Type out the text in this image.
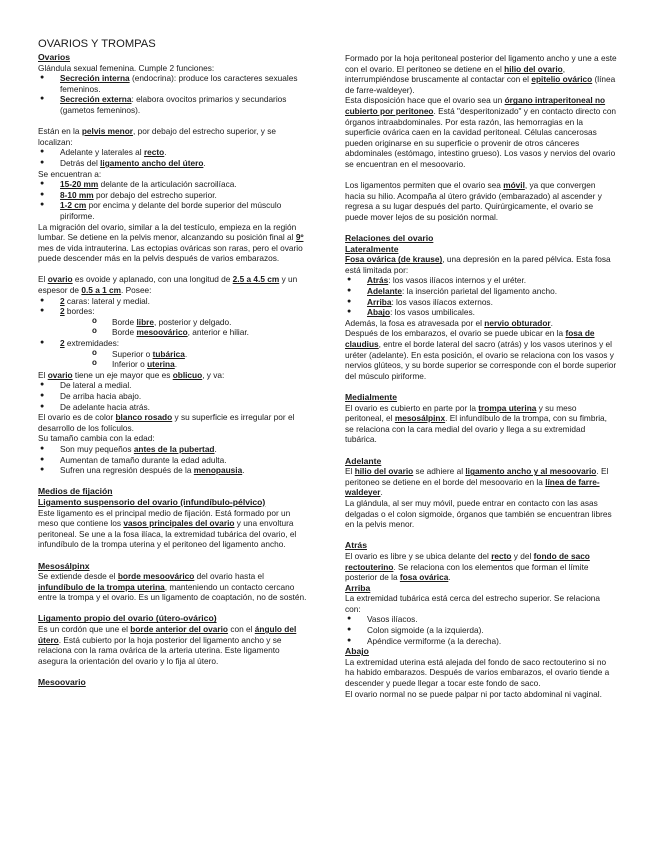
OVARIOS Y TROMPAS
Ovarios

Glándula sexual femenina. Cumple 2 funciones:

● Secreción interna (endocrina): produce los caracteres sexuales femeninos.
● Secreción externa: elabora ovocitos primarios y secundarios (gametos femeninos).

Están en la pelvis menor, por debajo del estrecho superior, y se localizan:

● Adelante y laterales al recto.
● Detrás del ligamento ancho del útero.

Se encuentran a:

● 15-20 mm delante de la articulación sacroilíaca.
● 8-10 mm por debajo del estrecho superior.
● 1-2 cm por encima y delante del borde superior del músculo piriforme.

La migración del ovario, similar a la del testículo, empieza en la región lumbar. Se detiene en la pelvis menor, alcanzando su posición final al 9º mes de vida intrauterina. Las ectopias ováricas son raras, pero el ovario puede descender más en la pelvis después de varios embarazos.

El ovario es ovoide y aplanado, con una longitud de 2.5 a 4.5 cm y un espesor de 0.5 a 1 cm. Posee:

● 2 caras: lateral y medial.
● 2 bordes:
o Borde libre, posterior y delgado.
o Borde mesoovárico, anterior e hiliar.
● 2 extremidades:
o Superior o tubárica.
o Inferior o uterina.

El ovario tiene un eje mayor que es oblicuo, y va:

● De lateral a medial.
● De arriba hacia abajo.
● De adelante hacia atrás.

El ovario es de color blanco rosado y su superficie es irregular por el desarrollo de los folículos.

Su tamaño cambia con la edad:

● Son muy pequeños antes de la pubertad.
● Aumentan de tamaño durante la edad adulta.
● Sufren una regresión después de la menopausia.
Medios de fijación
Ligamento suspensorio del ovario (infundíbulo-pélvico)

Este ligamento es el principal medio de fijación. Está formado por un meso que contiene los vasos principales del ovario y una envoltura peritoneal. Se une a la fosa ilíaca, la extremidad tubárica del ovario, el infundíbulo de la trompa uterina y el peritoneo del ligamento ancho.

Mesosálpinx

Se extiende desde el borde mesoovárico del ovario hasta el infundíbulo de la trompa uterina, manteniendo un contacto cercano entre la trompa y el ovario. Es un ligamento de coaptación, no de sostén.

Ligamento propio del ovario (útero-ovárico)

Es un cordón que une el borde anterior del ovario con el ángulo del útero. Está cubierto por la hoja posterior del ligamento ancho y se relaciona con la rama ovárica de la arteria uterina. Este ligamento asegura la orientación del ovario y lo fija al útero.

Mesoovario

Formado por la hoja peritoneal posterior del ligamento ancho y une a este con el ovario. El peritoneo se detiene en el hilio del ovario, interrumpiéndose bruscamente al contactar con el epitelio ovárico (línea de farre-waldeyer).

Esta disposición hace que el ovario sea un órgano intraperitoneal no cubierto por peritoneo. Está "desperitonizado" y en contacto directo con órganos intraabdominales. Por esta razón, las hemorragias en la superficie ovárica caen en la cavidad peritoneal. Células cancerosas pueden originarse en su superficie o provenir de otros cánceres abdominales (estómago, intestino grueso). Los vasos y nervios del ovario se encuentran en el mesoovario.

Los ligamentos permiten que el ovario sea móvil, ya que convergen hacia su hilio. Acompaña al útero grávido (embarazado) al ascender y regresa a su lugar después del parto. Quirúrgicamente, el ovario se puede mover lejos de su posición normal.

Relaciones del ovario
Lateralmente

Fosa ovárica (de krause), una depresión en la pared pélvica. Esta fosa está limitada por:

● Atrás: los vasos ilíacos internos y el uréter.
● Adelante: la inserción parietal del ligamento ancho.
● Arriba: los vasos ilíacos externos.
● Abajo: los vasos umbilicales.

Además, la fosa es atravesada por el nervio obturador.

Después de los embarazos, el ovario se puede ubicar en la fosa de claudius, entre el borde lateral del sacro (atrás) y los vasos uterinos y el uréter (adelante). En esta posición, el ovario se relaciona con los vasos y nervios glúteos, y su borde superior se corresponde con el borde superior del músculo piriforme.

Medialmente

El ovario es cubierto en parte por la trompa uterina y su meso peritoneal, el mesosálpinx. El infundíbulo de la trompa, con su fimbria, se relaciona con la cara medial del ovario y llega a su extremidad tubárica.

Adelante

El hilio del ovario se adhiere al ligamento ancho y al mesoovario. El peritoneo se detiene en el borde del mesoovario en la línea de farre-waldeyer.

La glándula, al ser muy móvil, puede entrar en contacto con las asas delgadas o el colon sigmoide, órganos que también se encuentran libres en la pelvis menor.

Atrás

El ovario es libre y se ubica delante del recto y del fondo de saco rectouterino. Se relaciona con los elementos que forman el límite posterior de la fosa ovárica.

Arriba

La extremidad tubárica está cerca del estrecho superior. Se relaciona con:

● Vasos ilíacos.
● Colon sigmoide (a la izquierda).
● Apéndice vermiforme (a la derecha).
Abajo

La extremidad uterina está alejada del fondo de saco rectouterino si no ha habido embarazos. Después de varios embarazos, el ovario tiende a descender y puede llegar a tocar este fondo de saco.

El ovario normal no se puede palpar ni por tacto abdominal ni vaginal.
